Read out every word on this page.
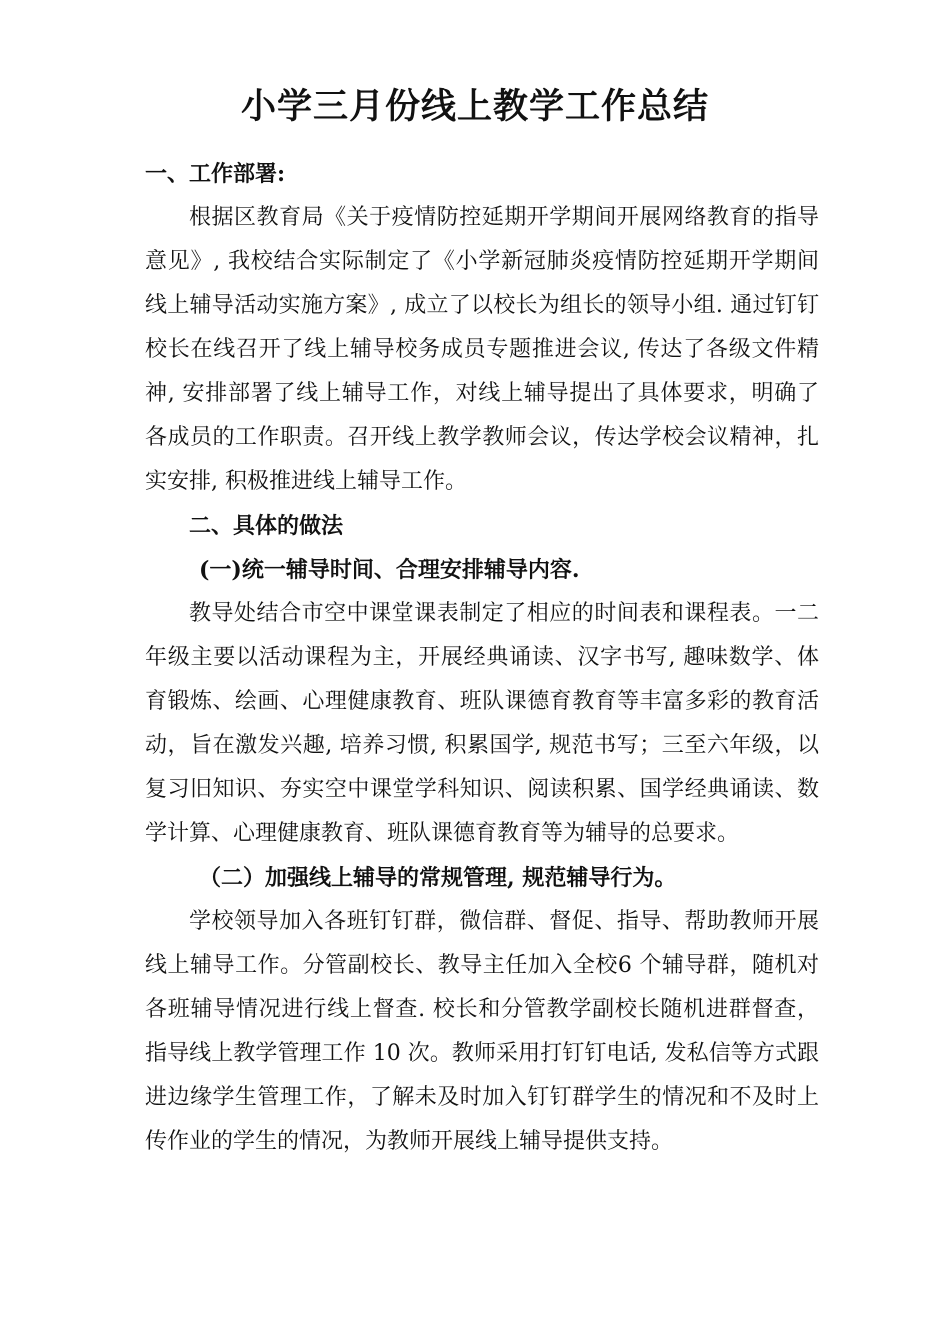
小学三月份线上教学工作总结
一、工作部署:
根据区教育局《关于疫情防控延期开学期间开展网络教育的指导
意见》, 我校结合实际制定了《小学新冠肺炎疫情防控延期开学期间
线上辅导活动实施方案》, 成立了以校长为组长的领导小组. 通过钉钉
校长在线召开了线上辅导校务成员专题推进会议, 传达了各级文件精
神, 安排部署了线上辅导工作，对线上辅导提出了具体要求，明确了
各成员的工作职责。召开线上教学教师会议，传达学校会议精神，扎
实安排, 积极推进线上辅导工作。
二、具体的做法
(一)统一辅导时间、合理安排辅导内容.
教导处结合市空中课堂课表制定了相应的时间表和课程表。一二
年级主要以活动课程为主，开展经典诵读、汉字书写, 趣味数学、体
育锻炼、绘画、心理健康教育、班队课德育教育等丰富多彩的教育活
动，旨在激发兴趣, 培养习惯, 积累国学, 规范书写；三至六年级，以
复习旧知识、夯实空中课堂学科知识、阅读积累、国学经典诵读、数
学计算、心理健康教育、班队课德育教育等为辅导的总要求。
（二）加强线上辅导的常规管理, 规范辅导行为。
学校领导加入各班钉钉群，微信群、督促、指导、帮助教师开展
线上辅导工作。分管副校长、教导主任加入全校6 个辅导群，随机对
各班辅导情况进行线上督查. 校长和分管教学副校长随机进群督查，
指导线上教学管理工作 10 次。教师采用打钉钉电话, 发私信等方式跟
进边缘学生管理工作，了解未及时加入钉钉群学生的情况和不及时上
传作业的学生的情况，为教师开展线上辅导提供支持。
